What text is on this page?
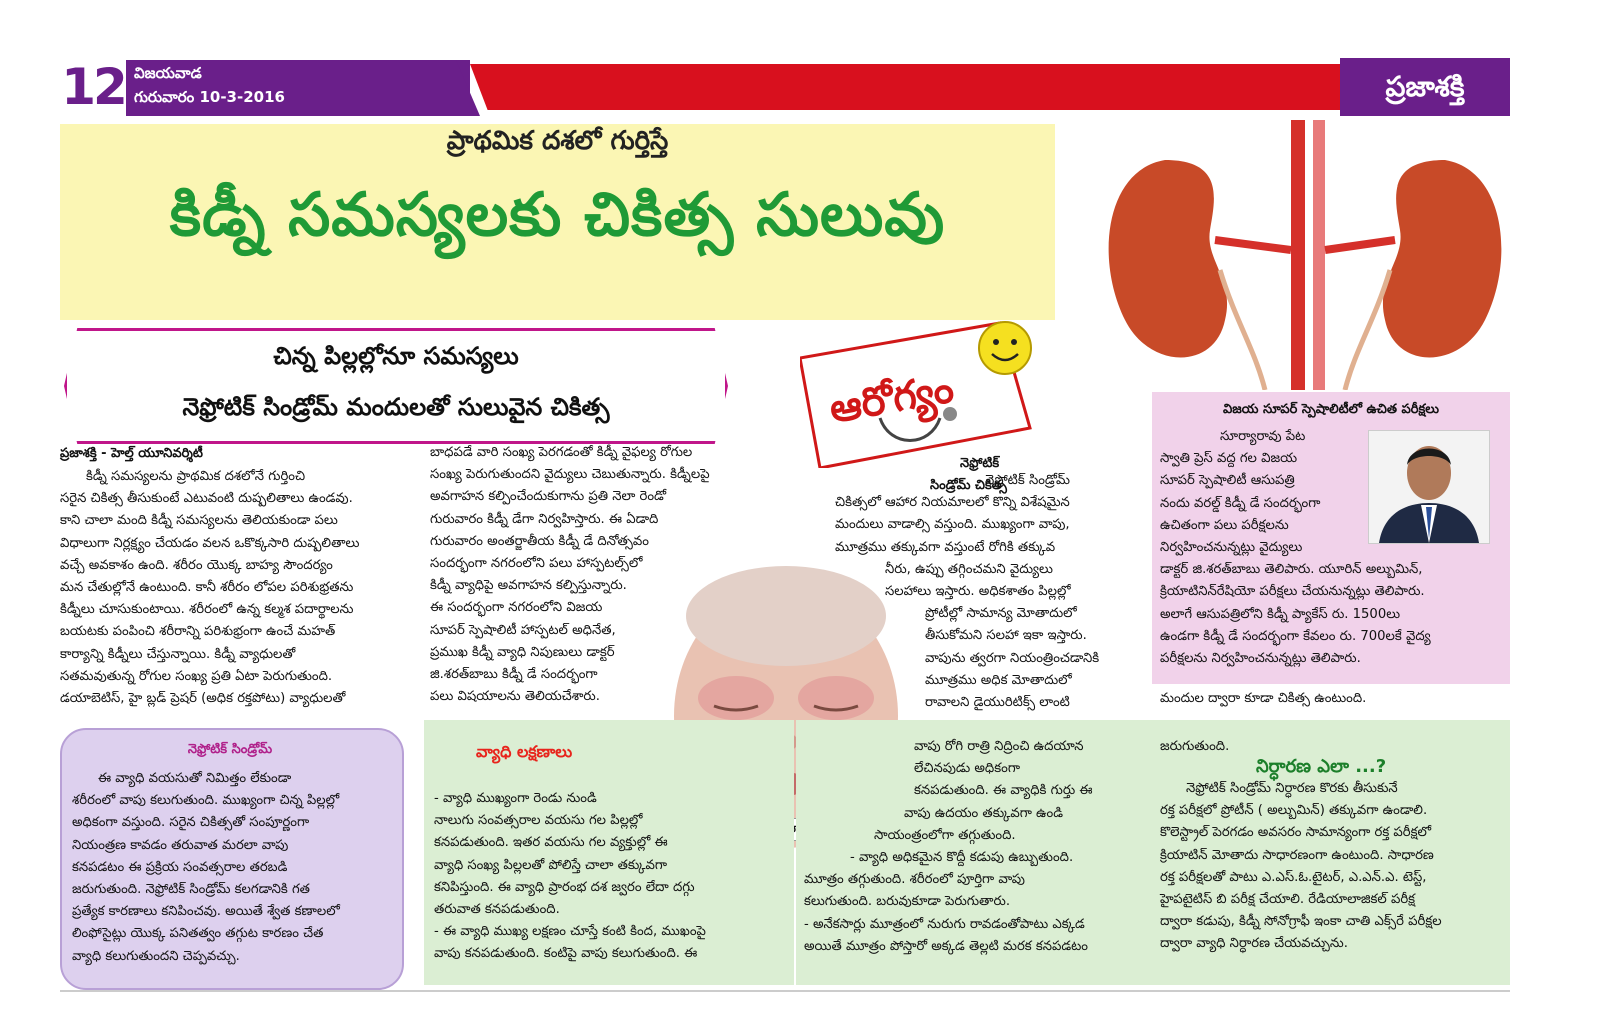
12 విజయవాడ
గురువారం 10-3-2016	ప్రజాశక్తి
ప్రాథమిక దశలో గుర్తిస్తే
కిడ్నీ సమస్యలకు చికిత్స సులువు
చిన్న పిల్లల్లోనూ సమస్యలు
నెఫ్రోటిక్ సిండ్రోమ్ మందులతో సులువైన చికిత్స	ఆరోగ్యం
ప్రజాశక్తి - హెల్త్ యూనివర్శిటీ
కిడ్నీ సమస్యలను ప్రాథమిక దశలోనే గుర్తించి
సరైన చికిత్స తీసుకుంటే ఎటువంటి దుష్పలితాలు ఉండవు.
కాని చాలా మంది కిడ్నీ సమస్యలను తెలియకుండా పలు
విధాలుగా నిర్లక్ష్యం చేయడం వలన ఒకొక్కసారి దుష్పలితాలు
వచ్చే అవకాశం ఉంది. శరీరం యొక్క బాహ్య సౌందర్యం
మన చేతుల్లోనే ఉంటుంది. కానీ శరీరం లోపల పరిశుభ్రతను
కిడ్నీలు చూసుకుంటాయి. శరీరంలో ఉన్న కల్మశ పదార్థాలను
బయటకు పంపించి శరీరాన్ని పరిశుభ్రంగా ఉంచే మహత్
కార్యాన్ని కిడ్నీలు చేస్తున్నాయి. కిడ్నీ వ్యాధులతో
సతమవుతున్న రోగుల సంఖ్య ప్రతి ఏటా పెరుగుతుంది.
డయాబెటిస్, హై బ్లడ్ ప్రెషర్ (అధిక రక్తపోటు) వ్యాధులతో
బాధపడే వారి సంఖ్య పెరగడంతో కిడ్నీ వైఫల్య రోగుల
సంఖ్య పెరుగుతుందని వైద్యులు చెబుతున్నారు. కిడ్నీలపై
అవగాహన కల్పించేందుకుగాను ప్రతి నెలా రెండో
గురువారం కిడ్నీ డేగా నిర్వహిస్తారు. ఈ ఏడాది
గురువారం అంతర్జాతీయ కిడ్నీ డే దినోత్సవం
సందర్భంగా నగరంలోని పలు హాస్పటల్స్‌లో
కిడ్నీ వ్యాధిపై అవగాహన కల్పిస్తున్నారు.
ఈ సందర్భంగా నగరంలోని విజయ
సూపర్ స్పెషాలిటీ హాస్పటల్ అధినేత,
ప్రముఖ కిడ్నీ వ్యాధి నిపుణులు డాక్టర్
జి.శరత్‌బాబు కిడ్నీ డే సందర్భంగా
పలు విషయాలను తెలియచేశారు.
నెఫ్రోటిక్
సిండ్రోమ్ చికిత్స
నెఫ్రోటిక్ సిండ్రోమ్
చికిత్సలో ఆహార నియమాలలో కొన్ని విశేషమైన
మందులు వాడాల్సి వస్తుంది. ముఖ్యంగా వాపు,
మూత్రము తక్కువగా వస్తుంటే రోగికి తక్కువ
నీరు, ఉప్పు తగ్గించమని వైద్యులు
సలహాలు ఇస్తారు. అధికశాతం పిల్లల్లో
ప్రోటీల్లో సామాన్య మోతాదులో
తీసుకోమని సలహా ఇకా ఇస్తారు.
వాపును త్వరగా నియంత్రించడానికి
మూత్రము అధిక మోతాదులో
రావాలని డైయురిటిక్స్ లాంటి
విజయ సూపర్ స్పెషాలిటీలో ఉచిత పరీక్షలు
సూర్యారావు పేట
స్వాతి ప్రెస్ వద్ద గల విజయ
సూపర్ స్పెషాలిటీ ఆసుపత్రి
నందు వరల్డ్ కిడ్నీ డే సందర్భంగా
ఉచితంగా పలు పరీక్షలను
నిర్వహించనున్నట్లు వైద్యులు
డాక్టర్ జి.శరత్‌బాబు తెలిపారు. యూరిన్ అల్బుమిన్,
క్రియాటినిన్‌రేషియో పరీక్షలు చేయనున్నట్లు తెలిపారు.
అలాగే ఆసుపత్రిలోని కిడ్నీ ప్యాకేస్ రు. 1500లు
ఉండగా కిడ్నీ డే సందర్భంగా కేవలం రు. 700లకే వైద్య
పరీక్షలను నిర్వహించనున్నట్లు తెలిపారు.
మందుల ద్వారా కూడా చికిత్స ఉంటుంది.
నెఫ్రోటిక్ సిండ్రోమ్
ఈ వ్యాధి వయసుతో నిమిత్తం లేకుండా
శరీరంలో వాపు కలుగుతుంది. ముఖ్యంగా చిన్న పిల్లల్లో
అధికంగా వస్తుంది. సరైన చికిత్సతో సంపూర్ణంగా
నియంత్రణ కావడం తరువాత మరలా వాపు
కనపడటం ఈ ప్రక్రియ సంవత్సరాల తరబడి
జరుగుతుంది. నెఫ్రోటిక్ సిండ్రోమ్ కలగడానికి గత
ప్రత్యేక కారణాలు కనిపించవు. అయితే శ్వేత కణాలలో
లింఫోసైట్లు యొక్క పనితత్వం తగ్గుట కారణం చేత
వ్యాధి కలుగుతుందని చెప్పవచ్చు.
వ్యాధి లక్షణాలు
- వ్యాధి ముఖ్యంగా రెండు నుండి
నాలుగు సంవత్సరాల వయసు గల పిల్లల్లో
కనపడుతుంది. ఇతర వయసు గల వ్యక్తుల్లో ఈ
వ్యాధి సంఖ్య పిల్లలతో పోలిస్తే చాలా తక్కువగా
కనిపిస్తుంది. ఈ వ్యాధి ప్రారంభ దశ జ్వరం లేదా దగ్గు
తరువాత కనపడుతుంది.
- ఈ వ్యాధి ముఖ్య లక్షణం చూస్తే కంటి కింద, ముఖంపై
వాపు కనపడుతుంది. కంటిపై వాపు కలుగుతుంది. ఈ
వాపు రోగి రాత్రి నిద్రించి ఉదయాన
లేచినపుడు అధికంగా
కనపడుతుంది. ఈ వ్యాధికి గుర్తు ఈ
వాపు ఉదయం తక్కువగా ఉండి
సాయంత్రంలోగా తగ్గుతుంది.
- వ్యాధి అధికమైన కొద్దీ కడుపు ఉబ్బుతుంది.
మూత్రం తగ్గుతుంది. శరీరంలో పూర్తిగా వాపు
కలుగుతుంది. బరువుకూడా పెరుగుతారు.
- అనేకసార్లు మూత్రంలో నురుగు రావడంతోపాటు ఎక్కడ
అయితే మూత్రం పోస్తారో అక్కడ తెల్లటి మరక కనపడటం
జరుగుతుంది.
నిర్ధారణ ఎలా ...?
నెఫ్రోటిక్ సిండ్రోమ్ నిర్ధారణ కొరకు తీసుకునే
రక్త పరీక్షలో ప్రోటీన్ ( అల్బుమిన్) తక్కువగా ఉండాలి.
కొలెస్ట్రాల్ పెరగడం అవసరం సామాన్యంగా రక్త పరీక్షలో
క్రియాటిన్ మోతాదు సాధారణంగా ఉంటుంది. సాధారణ
రక్త పరీక్షలతో పాటు ఎ.ఎస్.ఓ.టైటర్, ఎ.ఎన్.ఎ. టెస్ట్,
హైపటైటిస్ బి పరీక్ష చేయాలి. రేడియాలాజికల్ పరీక్ష
ద్వారా కడుపు, కిడ్నీ సోనోగ్రాఫీ ఇంకా చాతి ఎక్స్‌రే పరీక్షల
ద్వారా వ్యాధి నిర్ధారణ చేయవచ్చును.
